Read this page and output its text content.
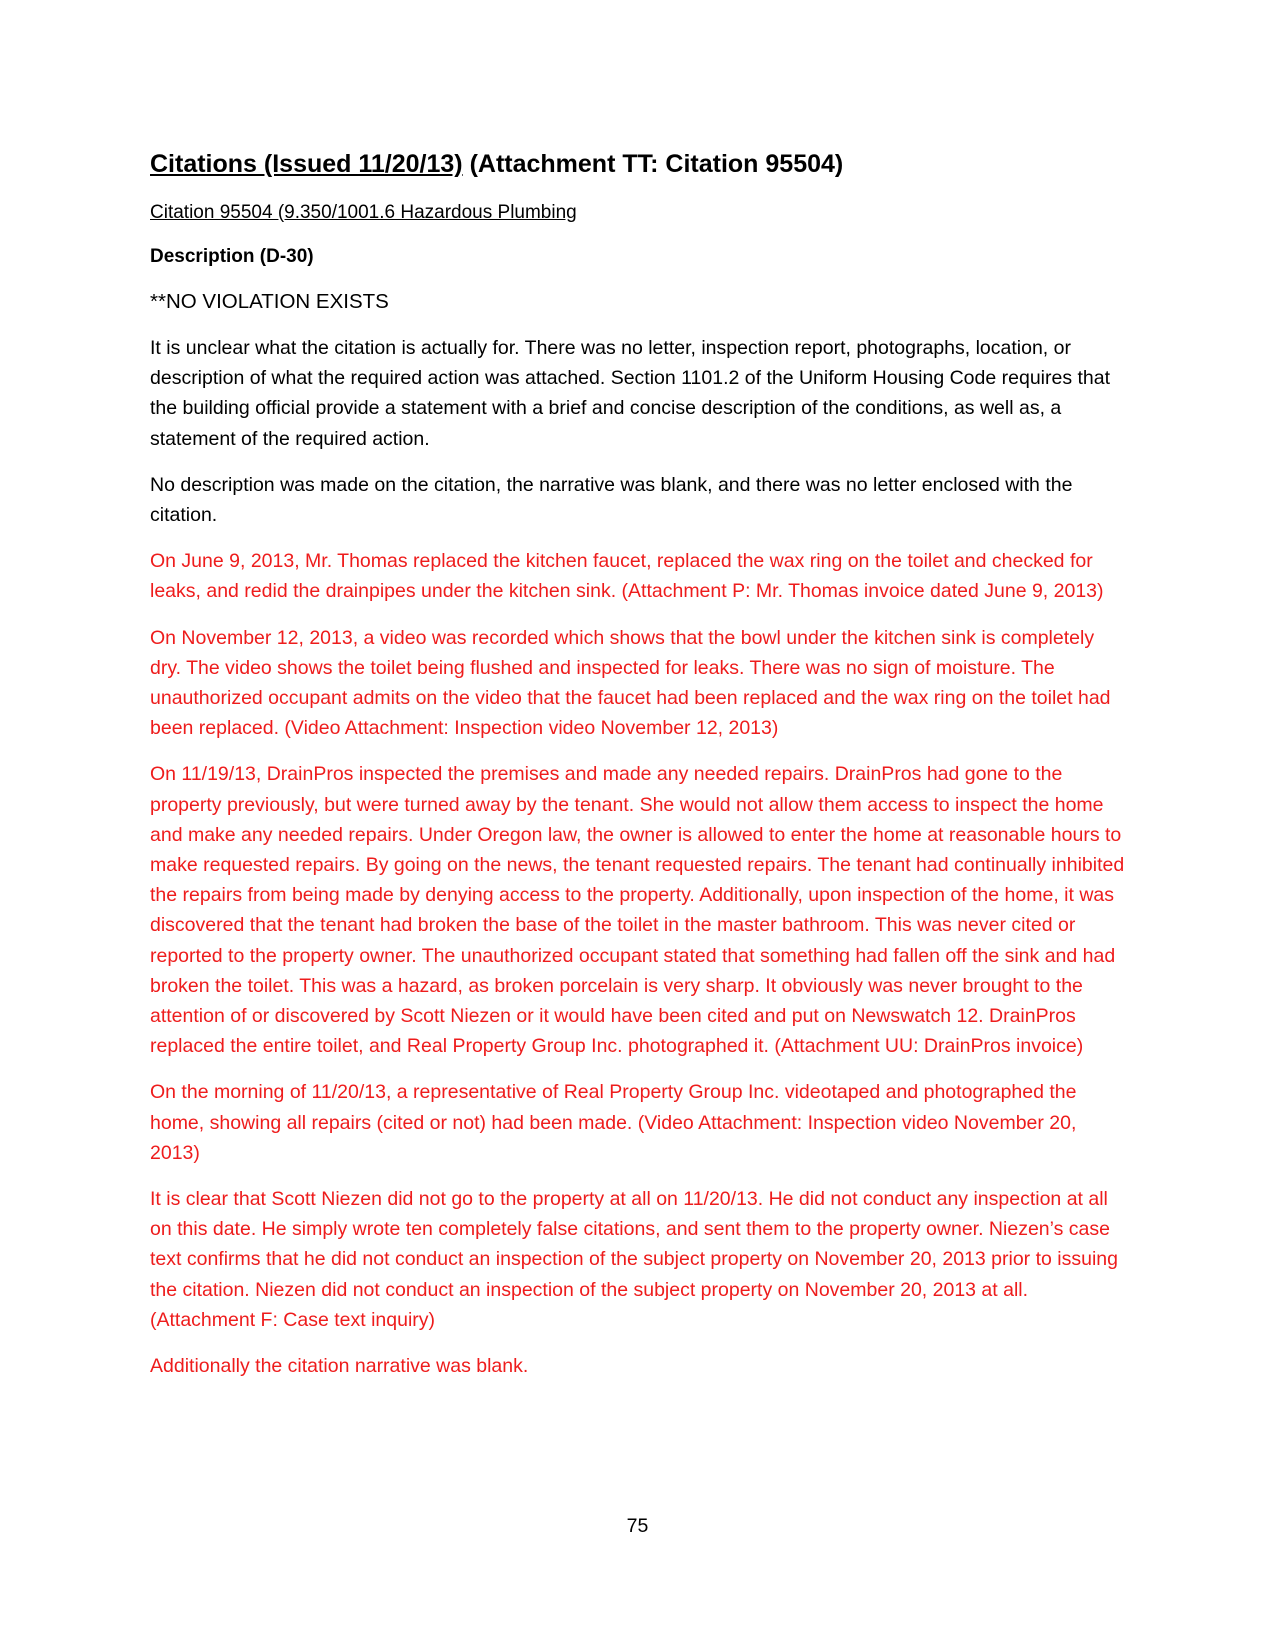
Citations (Issued 11/20/13) (Attachment TT: Citation 95504)
Citation 95504 (9.350/1001.6 Hazardous Plumbing
Description (D-30)
**NO VIOLATION EXISTS

It is unclear what the citation is actually for. There was no letter, inspection report, photographs, location, or description of what the required action was attached. Section 1101.2 of the Uniform Housing Code requires that the building official provide a statement with a brief and concise description of the conditions, as well as, a statement of the required action.

No description was made on the citation, the narrative was blank, and there was no letter enclosed with the citation.

On June 9, 2013, Mr. Thomas replaced the kitchen faucet, replaced the wax ring on the toilet and checked for leaks, and redid the drainpipes under the kitchen sink. (Attachment P: Mr. Thomas invoice dated June 9, 2013)

On November 12, 2013, a video was recorded which shows that the bowl under the kitchen sink is completely dry. The video shows the toilet being flushed and inspected for leaks. There was no sign of moisture. The unauthorized occupant admits on the video that the faucet had been replaced and the wax ring on the toilet had been replaced. (Video Attachment: Inspection video November 12, 2013)

On 11/19/13, DrainPros inspected the premises and made any needed repairs. DrainPros had gone to the property previously, but were turned away by the tenant. She would not allow them access to inspect the home and make any needed repairs. Under Oregon law, the owner is allowed to enter the home at reasonable hours to make requested repairs. By going on the news, the tenant requested repairs. The tenant had continually inhibited the repairs from being made by denying access to the property. Additionally, upon inspection of the home, it was discovered that the tenant had broken the base of the toilet in the master bathroom. This was never cited or reported to the property owner. The unauthorized occupant stated that something had fallen off the sink and had broken the toilet. This was a hazard, as broken porcelain is very sharp. It obviously was never brought to the attention of or discovered by Scott Niezen or it would have been cited and put on Newswatch 12. DrainPros replaced the entire toilet, and Real Property Group Inc. photographed it. (Attachment UU: DrainPros invoice)

On the morning of 11/20/13, a representative of Real Property Group Inc. videotaped and photographed the home, showing all repairs (cited or not) had been made. (Video Attachment: Inspection video November 20, 2013)

It is clear that Scott Niezen did not go to the property at all on 11/20/13. He did not conduct any inspection at all on this date. He simply wrote ten completely false citations, and sent them to the property owner. Niezen’s case text confirms that he did not conduct an inspection of the subject property on November 20, 2013 prior to issuing the citation. Niezen did not conduct an inspection of the subject property on November 20, 2013 at all. (Attachment F: Case text inquiry)

Additionally the citation narrative was blank.

75
